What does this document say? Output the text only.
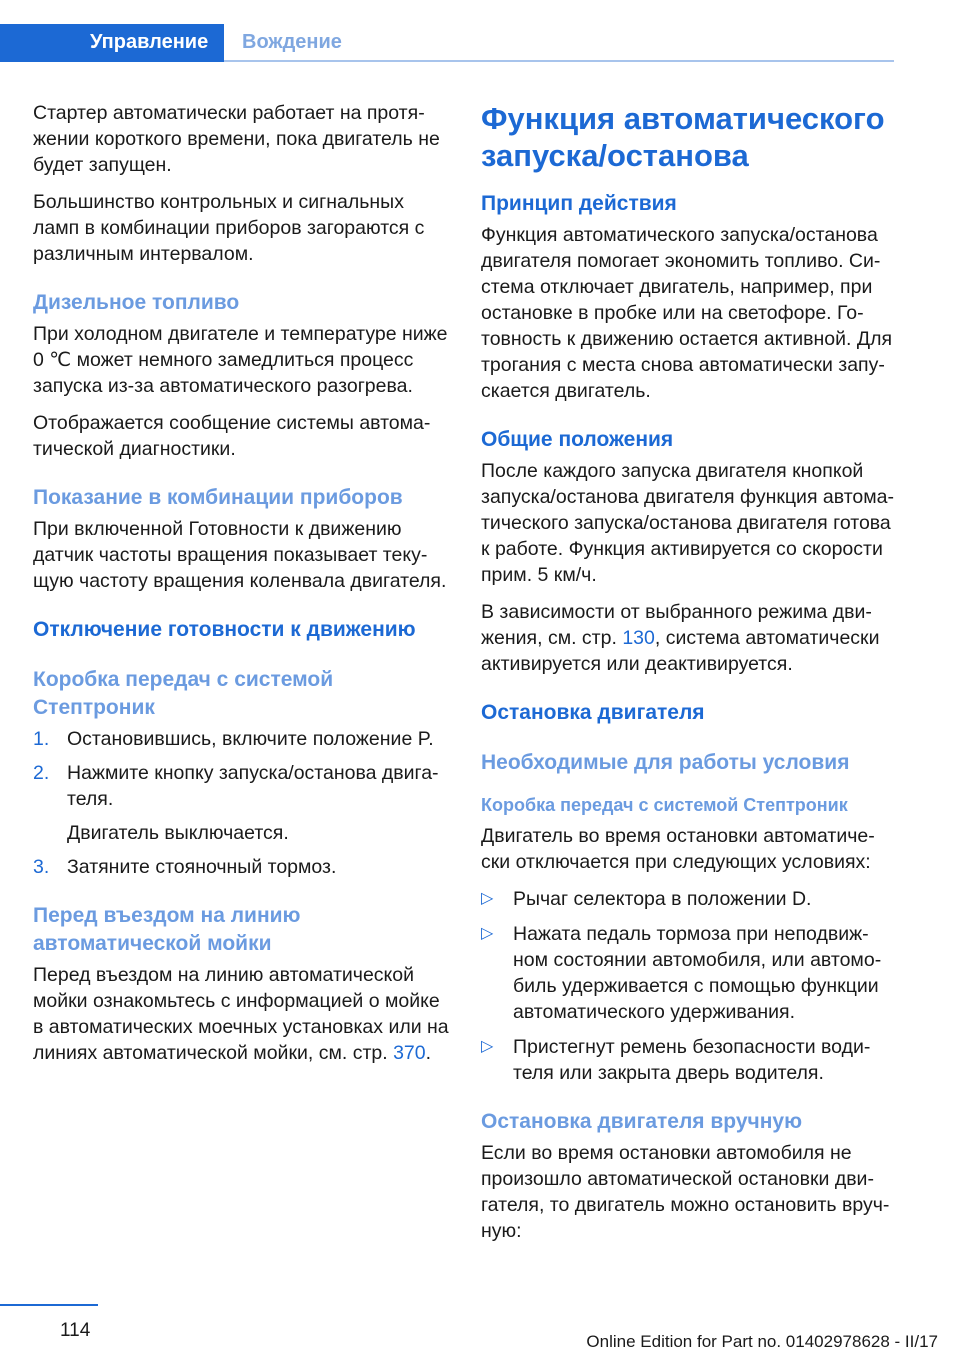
Управление	Вождение

Стартер автоматически работает на протяжении короткого времени, пока двигатель не будет запущен.

Большинство контрольных и сигнальных ламп в комбинации приборов загораются с различным интервалом.

Дизельное топливо

При холодном двигателе и температуре ниже 0 ℃ может немного замедлиться процесс запуска из-за автоматического разогрева.

Отображается сообщение системы автоматической диагностики.

Показание в комбинации приборов

При включенной Готовности к движению датчик частоты вращения показывает текущую частоту вращения коленвала двигателя.

Отключение готовности к движению
Коробка передач с системой Стептроник
1. Остановившись, включите положение P.
2. Нажмите кнопку запуска/останова двигателя.
Двигатель выключается.
3. Затяните стояночный тормоз.
Перед въездом на линию автоматической мойки

Перед въездом на линию автоматической мойки ознакомьтесь с информацией о мойке в автоматических моечных установках или на линиях автоматической мойки, см. стр. 370.

Функция автоматического запуска/останова
Принцип действия

Функция автоматического запуска/останова двигателя помогает экономить топливо. Система отключает двигатель, например, при остановке в пробке или на светофоре. Готовность к движению остается активной. Для трогания с места снова автоматически запускается двигатель.

Общие положения

После каждого запуска двигателя кнопкой запуска/останова двигателя функция автоматического запуска/останова двигателя готова к работе. Функция активируется со скорости прим. 5 км/ч.

В зависимости от выбранного режима движения, см. стр. 130, система автоматически активируется или деактивируется.

Остановка двигателя
Необходимые для работы условия
Коробка передач с системой Стептроник

Двигатель во время остановки автоматически отключается при следующих условиях:

▷ Рычаг селектора в положении D.
▷ Нажата педаль тормоза при неподвижном состоянии автомобиля, или автомобиль удерживается с помощью функции автоматического удерживания.
▷ Пристегнут ремень безопасности водителя или закрыта дверь водителя.
Остановка двигателя вручную

Если во время остановки автомобиля не произошло автоматической остановки двигателя, то двигатель можно остановить вручную:

114
Online Edition for Part no. 01402978628 - II/17
